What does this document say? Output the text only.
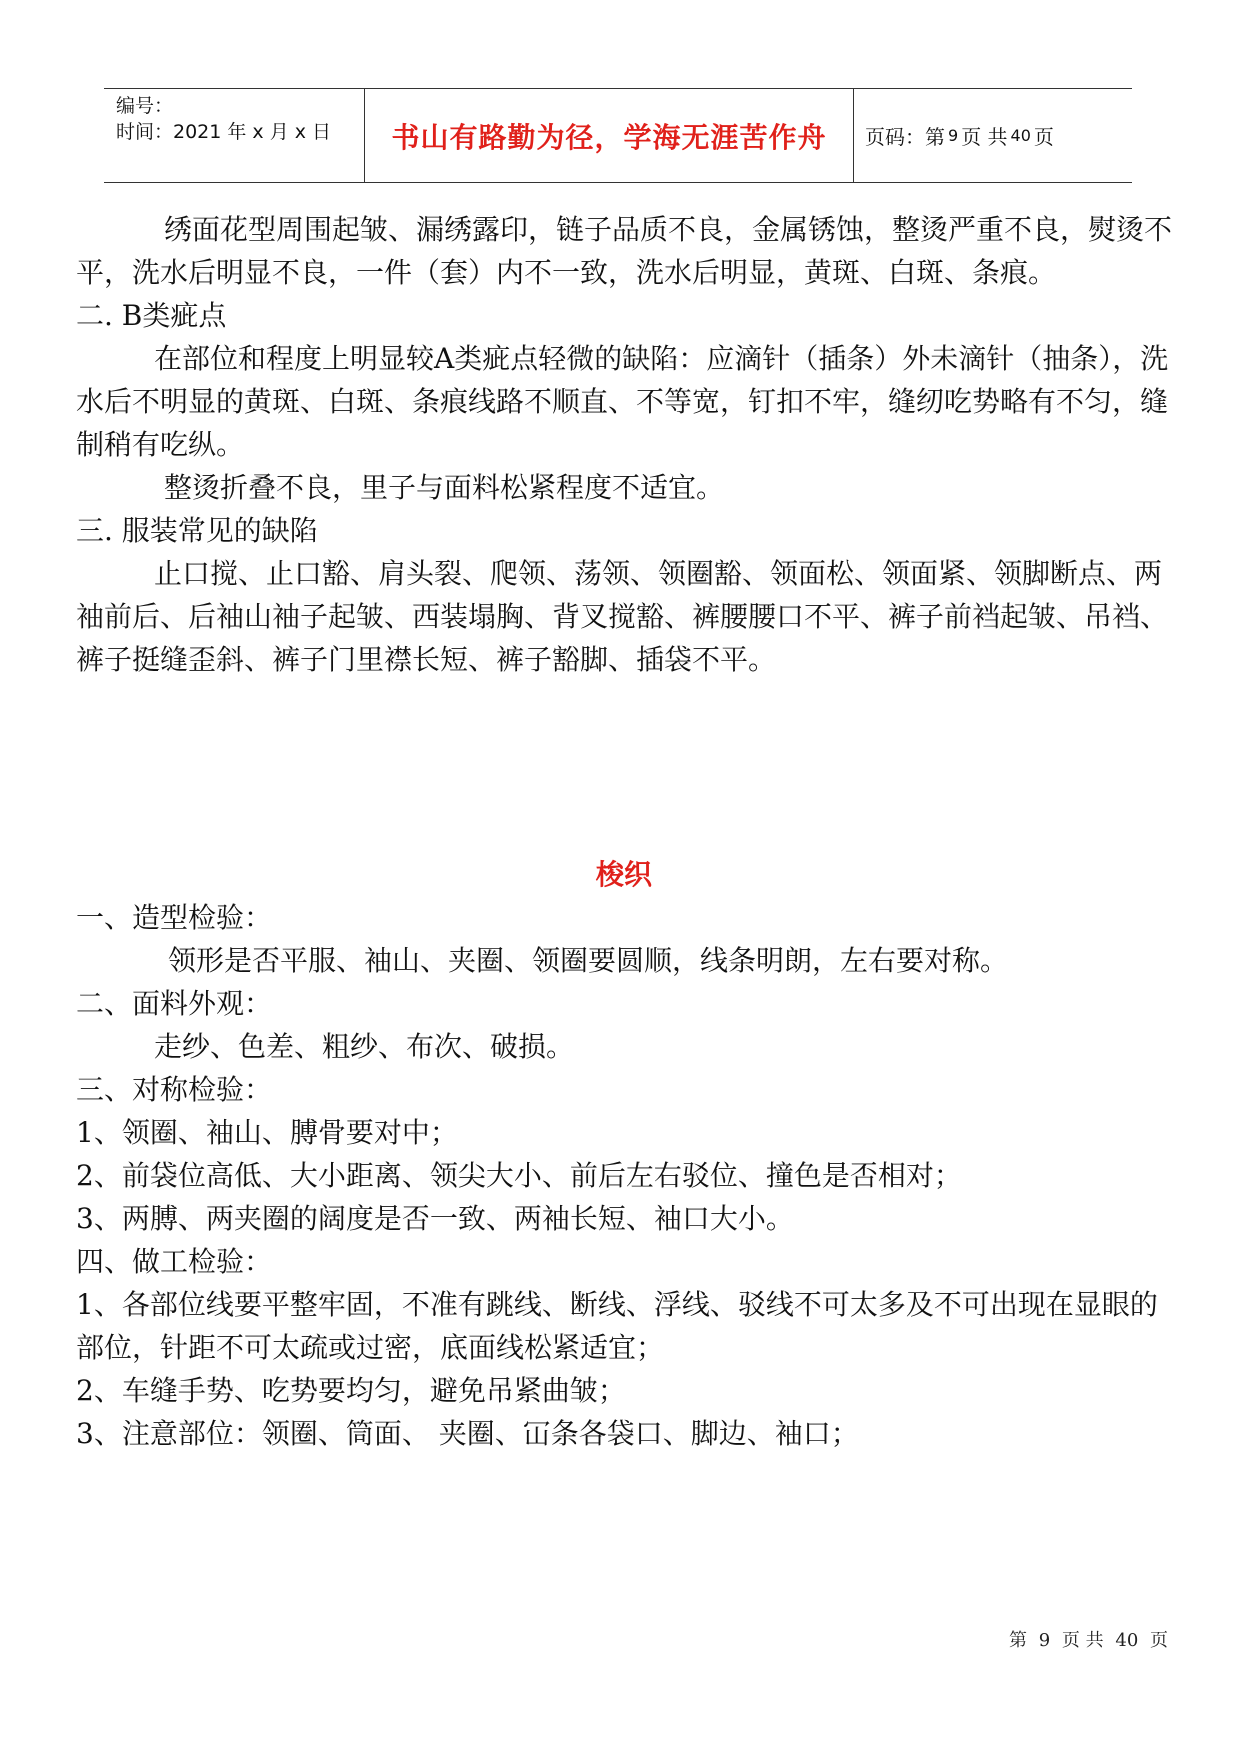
编号：
时间：2021 年 x 月 x 日	书山有路勤为径，学海无涯苦作舟 页码：第 9 页 共 40 页

绣面花型周围起皱、漏绣露印，链子品质不良，金属锈蚀，整烫严重不良，熨烫不平，洗水后明显不良，一件（套）内不一致，洗水后明显，黄斑、白斑、条痕。

二. B类疵点

在部位和程度上明显较A类疵点轻微的缺陷：应滴针（插条）外未滴针（抽条），洗水后不明显的黄斑、白斑、条痕线路不顺直、不等宽，钉扣不牢，缝纫吃势略有不匀，缝制稍有吃纵。

整烫折叠不良，里子与面料松紧程度不适宜。

三. 服装常见的缺陷

止口搅、止口豁、肩头裂、爬领、荡领、领圈豁、领面松、领面紧、领脚断点、两袖前后、后袖山袖子起皱、西装塌胸、背叉搅豁、裤腰腰口不平、裤子前裆起皱、吊裆、裤子挺缝歪斜、裤子门里襟长短、裤子豁脚、插袋不平。

梭织

一、造型检验：

领形是否平服、袖山、夹圈、领圈要圆顺，线条明朗，左右要对称。

二、面料外观：

走纱、色差、粗纱、布次、破损。

三、对称检验：

1、领圈、袖山、膊骨要对中；

2、前袋位高低、大小距离、领尖大小、前后左右驳位、撞色是否相对；

3、两膊、两夹圈的阔度是否一致、两袖长短、袖口大小。

四、做工检验：

1、各部位线要平整牢固，不准有跳线、断线、浮线、驳线不可太多及不可出现在显眼的部位，针距不可太疏或过密，底面线松紧适宜；

2、车缝手势、吃势要均匀，避免吊紧曲皱；

3、注意部位：领圈、筒面、 夹圈、冚条各袋口、脚边、袖口；

第 9 页 共 40 页
